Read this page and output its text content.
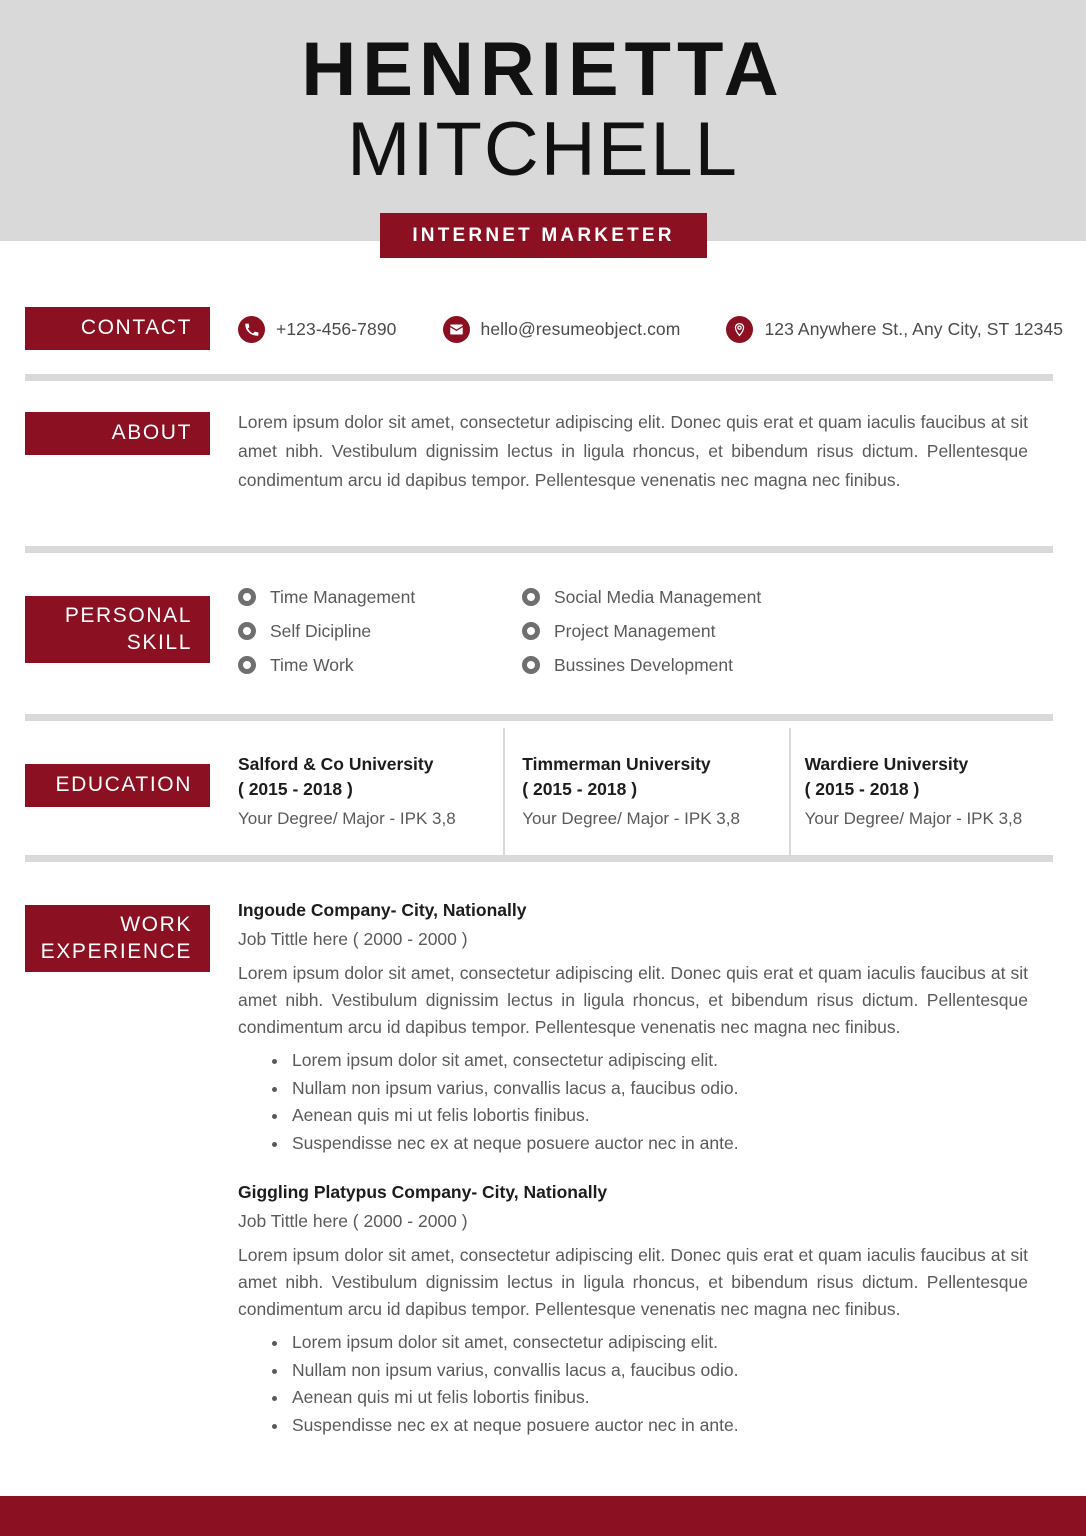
HENRIETTA
MITCHELL
INTERNET MARKETER
CONTACT	+123-456-7890	hello@resumeobject.com	123 Anywhere St., Any City, ST 12345
ABOUT	Lorem ipsum dolor sit amet, consectetur adipiscing elit. Donec quis erat et quam iaculis faucibus at sit amet nibh. Vestibulum dignissim lectus in ligula rhoncus, et bibendum risus dictum. Pellentesque condimentum arcu id dapibus tempor. Pellentesque venenatis nec magna nec finibus.
PERSONAL
SKILL
Time Management	Social Media Management
Self Dicipline	Project Management
Time Work	Bussines Development
EDUCATION
Salford & Co University
( 2015 - 2018 )
Your Degree/ Major - IPK 3,8
Timmerman University
( 2015 - 2018 )
Your Degree/ Major - IPK 3,8
Wardiere University
( 2015 - 2018 )
Your Degree/ Major - IPK 3,8
WORK
EXPERIENCE
Ingoude Company- City, Nationally
Job Tittle here ( 2000 - 2000 )
Lorem ipsum dolor sit amet, consectetur adipiscing elit. Donec quis erat et quam iaculis faucibus at sit amet nibh. Vestibulum dignissim lectus in ligula rhoncus, et bibendum risus dictum. Pellentesque condimentum arcu id dapibus tempor. Pellentesque venenatis nec magna nec finibus.
Lorem ipsum dolor sit amet, consectetur adipiscing elit.
Nullam non ipsum varius, convallis lacus a, faucibus odio.
Aenean quis mi ut felis lobortis finibus.
Suspendisse nec ex at neque posuere auctor nec in ante.
Giggling Platypus Company- City, Nationally
Job Tittle here ( 2000 - 2000 )
Lorem ipsum dolor sit amet, consectetur adipiscing elit. Donec quis erat et quam iaculis faucibus at sit amet nibh. Vestibulum dignissim lectus in ligula rhoncus, et bibendum risus dictum. Pellentesque condimentum arcu id dapibus tempor. Pellentesque venenatis nec magna nec finibus.
Lorem ipsum dolor sit amet, consectetur adipiscing elit.
Nullam non ipsum varius, convallis lacus a, faucibus odio.
Aenean quis mi ut felis lobortis finibus.
Suspendisse nec ex at neque posuere auctor nec in ante.
